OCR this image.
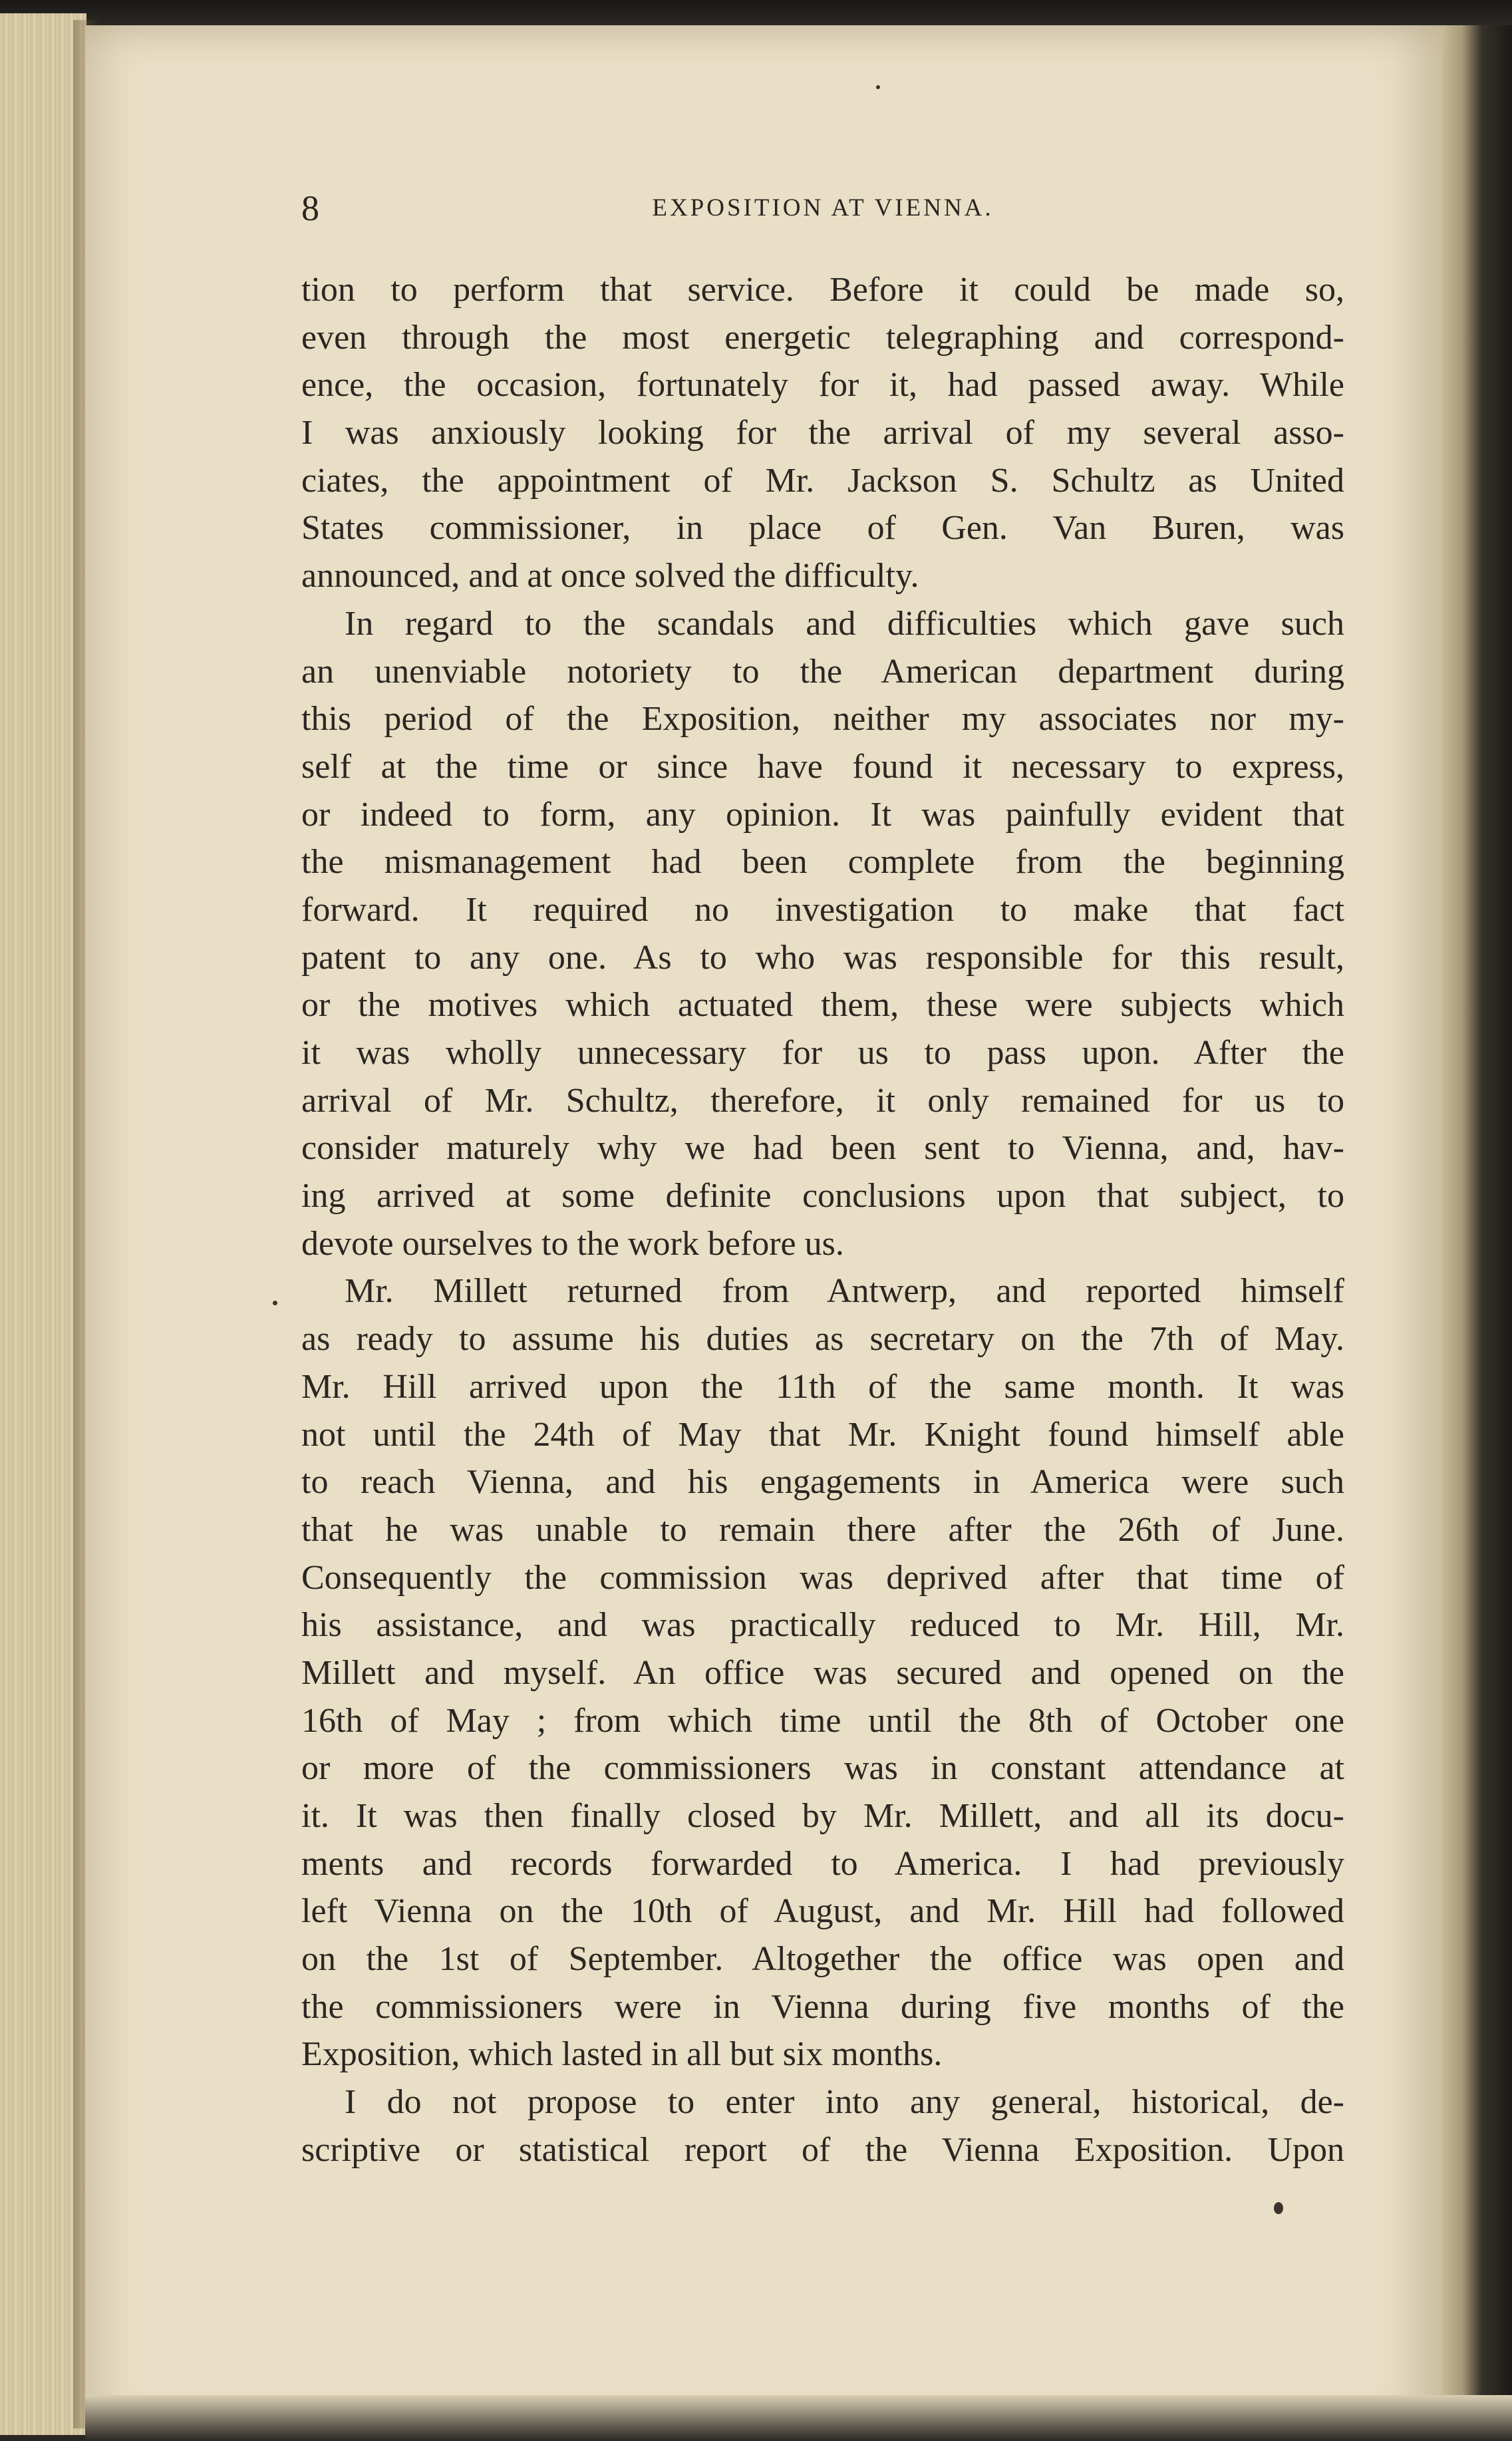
8	EXPOSITION AT VIENNA.
tion to perform that service. Before it could be made so,
even through the most energetic telegraphing and correspond-
ence, the occasion, fortunately for it, had passed away. While
I was anxiously looking for the arrival of my several asso-
ciates, the appointment of Mr. Jackson S. Schultz as United
States commissioner, in place of Gen. Van Buren, was
announced, and at once solved the difficulty.
In regard to the scandals and difficulties which gave such
an unenviable notoriety to the American department during
this period of the Exposition, neither my associates nor my-
self at the time or since have found it necessary to express,
or indeed to form, any opinion. It was painfully evident that
the mismanagement had been complete from the beginning
forward. It required no investigation to make that fact
patent to any one. As to who was responsible for this result,
or the motives which actuated them, these were subjects which
it was wholly unnecessary for us to pass upon. After the
arrival of Mr. Schultz, therefore, it only remained for us to
consider maturely why we had been sent to Vienna, and, hav-
ing arrived at some definite conclusions upon that subject, to
devote ourselves to the work before us.
Mr. Millett returned from Antwerp, and reported himself
as ready to assume his duties as secretary on the 7th of May.
Mr. Hill arrived upon the 11th of the same month. It was
not until the 24th of May that Mr. Knight found himself able
to reach Vienna, and his engagements in America were such
that he was unable to remain there after the 26th of June.
Consequently the commission was deprived after that time of
his assistance, and was practically reduced to Mr. Hill, Mr.
Millett and myself. An office was secured and opened on the
16th of May ; from which time until the 8th of October one
or more of the commissioners was in constant attendance at
it. It was then finally closed by Mr. Millett, and all its docu-
ments and records forwarded to America. I had previously
left Vienna on the 10th of August, and Mr. Hill had followed
on the 1st of September. Altogether the office was open and
the commissioners were in Vienna during five months of the
Exposition, which lasted in all but six months.
I do not propose to enter into any general, historical, de-
scriptive or statistical report of the Vienna Exposition. Upon
